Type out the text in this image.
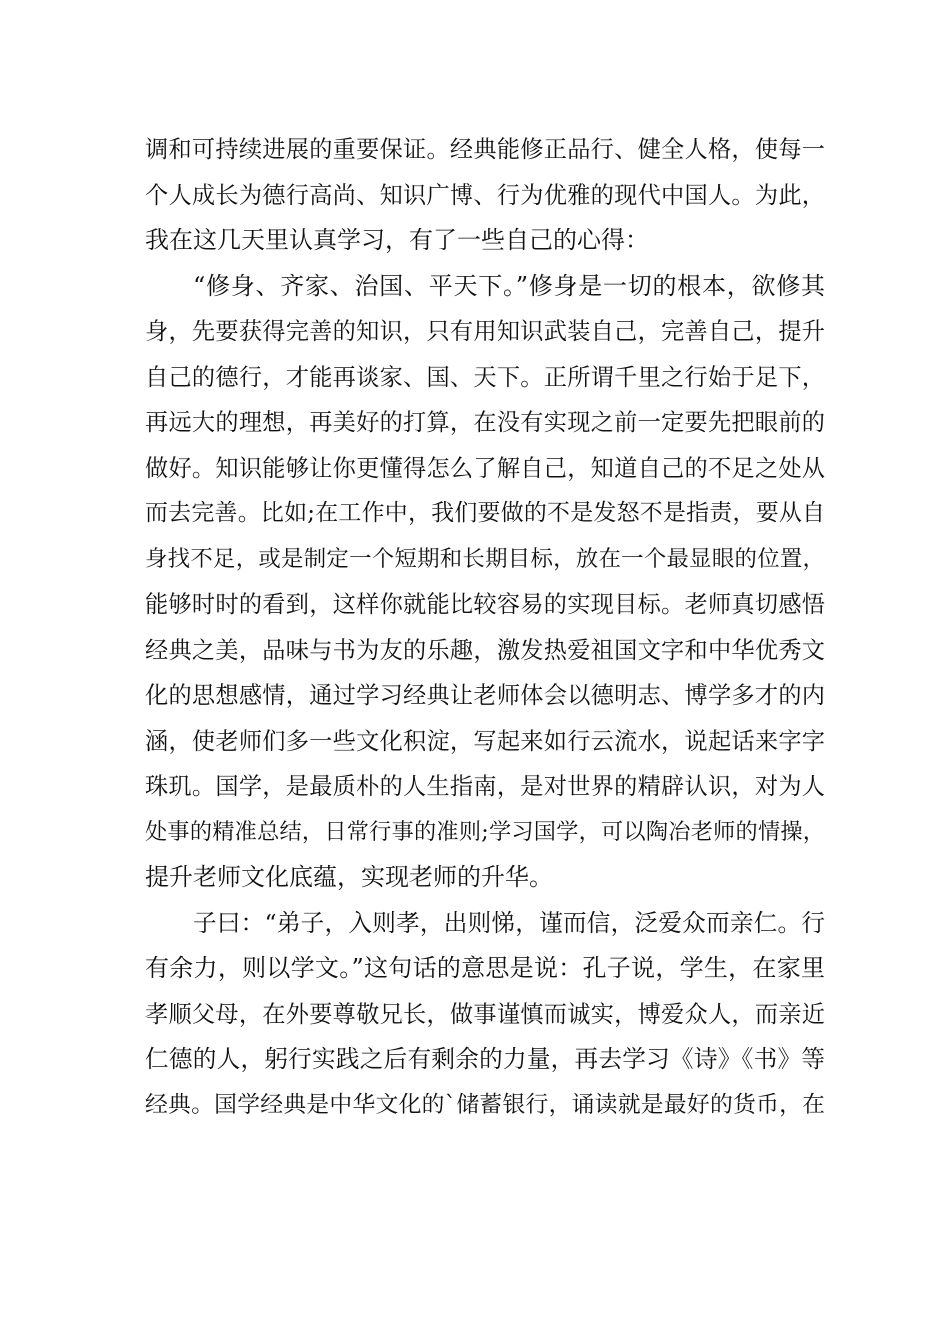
调和可持续进展的重要保证。经典能修正品行、健全人格，使每一
个人成长为德行高尚、知识广博、行为优雅的现代中国人。为此，
我在这几天里认真学习，有了一些自己的心得：
“修身、齐家、治国、平天下。”修身是一切的根本，欲修其
身，先要获得完善的知识，只有用知识武装自己，完善自己，提升
自己的德行，才能再谈家、国、天下。正所谓千里之行始于足下，
再远大的理想，再美好的打算，在没有实现之前一定要先把眼前的
做好。知识能够让你更懂得怎么了解自己，知道自己的不足之处从
而去完善。比如;在工作中，我们要做的不是发怒不是指责，要从自
身找不足，或是制定一个短期和长期目标，放在一个最显眼的位置，
能够时时的看到，这样你就能比较容易的实现目标。老师真切感悟
经典之美，品味与书为友的乐趣，激发热爱祖国文字和中华优秀文
化的思想感情，通过学习经典让老师体会以德明志、博学多才的内
涵，使老师们多一些文化积淀，写起来如行云流水，说起话来字字
珠玑。国学，是最质朴的人生指南，是对世界的精辟认识，对为人
处事的精准总结，日常行事的准则;学习国学，可以陶冶老师的情操，
提升老师文化底蕴，实现老师的升华。
子曰：“弟子，入则孝，出则悌，谨而信，泛爱众而亲仁。行
有余力，则以学文。”这句话的意思是说：孔子说，学生，在家里
孝顺父母，在外要尊敬兄长，做事谨慎而诚实，博爱众人，而亲近
仁德的人，躬行实践之后有剩余的力量，再去学习《诗》《书》等
经典。国学经典是中华文化的`储蓄银行，诵读就是最好的货币，在
